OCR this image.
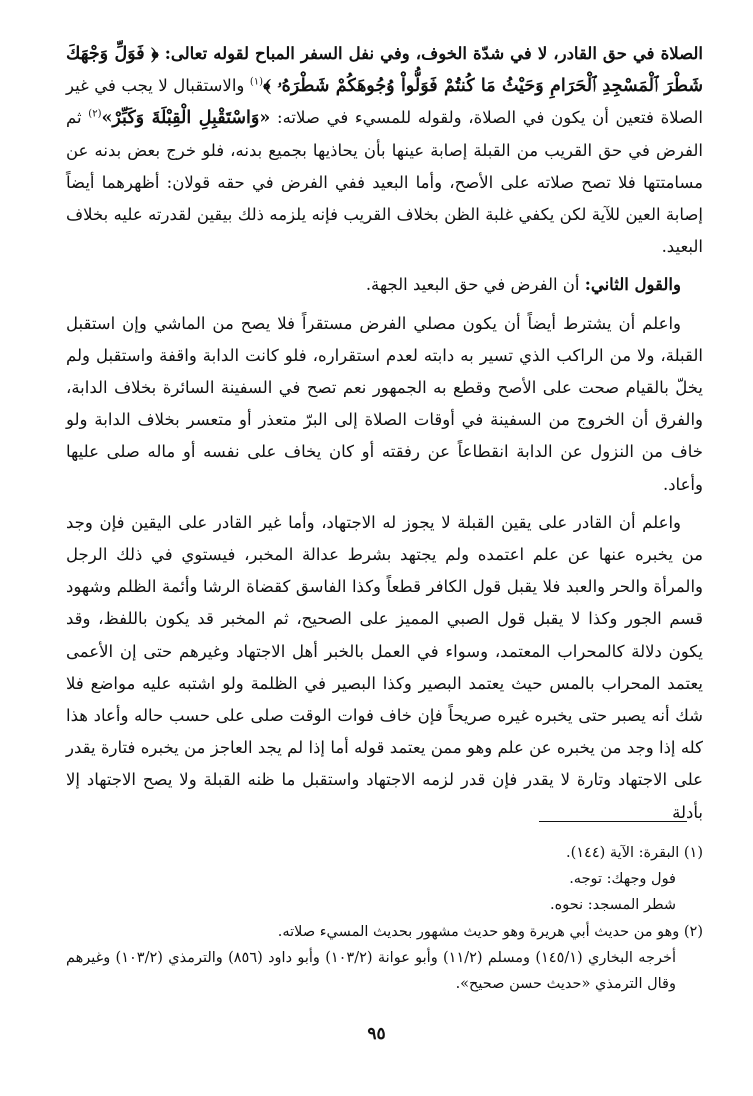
الصلاة في حق القادر، لا في شدّة الخوف، وفي نفل السفر المباح لقوله تعالى: ﴿ فَوَلِّ وَجْهَكَ شَطْرَ ٱلْمَسْجِدِ ٱلْحَرَامِ وَحَيْثُ مَا كُنتُمْ فَوَلُّواْ وُجُوهَكُمْ شَطْرَهُۥ ﴾$^{(١)}$ والاستقبال لا يجب في غير الصلاة فتعين أن يكون في الصلاة، ولقوله للمسيء في صلاته: «وَاسْتَقْبِلِ الْقِبْلَةَ وَكَبِّرْ»$^{(٢)}$ ثم الفرض في حق القريب من القبلة إصابة عينها بأن يحاذيها بجميع بدنه، فلو خرج بعض بدنه عن مسامتتها فلا تصح صلاته على الأصح، وأما البعيد ففي الفرض في حقه قولان: أظهرهما أيضاً إصابة العين للآية لكن يكفي غلبة الظن بخلاف القريب فإنه يلزمه ذلك بيقين لقدرته عليه بخلاف البعيد.

والقول الثاني: أن الفرض في حق البعيد الجهة.

واعلم أن يشترط أيضاً أن يكون مصلي الفرض مستقراً فلا يصح من الماشي وإن استقبل القبلة، ولا من الراكب الذي تسير به دابته لعدم استقراره، فلو كانت الدابة واقفة واستقبل ولم يخلّ بالقيام صحت على الأصح وقطع به الجمهور نعم تصح في السفينة السائرة بخلاف الدابة، والفرق أن الخروج من السفينة في أوقات الصلاة إلى البرّ متعذر أو متعسر بخلاف الدابة ولو خاف من النزول عن الدابة انقطاعاً عن رفقته أو كان يخاف على نفسه أو ماله صلى عليها وأعاد.

واعلم أن القادر على يقين القبلة لا يجوز له الاجتهاد، وأما غير القادر على اليقين فإن وجد من يخبره عنها عن علم اعتمده ولم يجتهد بشرط عدالة المخبر، فيستوي في ذلك الرجل والمرأة والحر والعبد فلا يقبل قول الكافر قطعاً وكذا الفاسق كقضاة الرشا وأئمة الظلم وشهود قسم الجور وكذا لا يقبل قول الصبي المميز على الصحيح، ثم المخبر قد يكون باللفظ، وقد يكون دلالة كالمحراب المعتمد، وسواء في العمل بالخبر أهل الاجتهاد وغيرهم حتى إن الأعمى يعتمد المحراب بالمس حيث يعتمد البصير وكذا البصير في الظلمة ولو اشتبه عليه مواضع فلا شك أنه يصبر حتى يخبره غيره صريحاً فإن خاف فوات الوقت صلى على حسب حاله وأعاد هذا كله إذا وجد من يخبره عن علم وهو ممن يعتمد قوله أما إذا لم يجد العاجز من يخبره فتارة يقدر على الاجتهاد وتارة لا يقدر فإن قدر لزمه الاجتهاد واستقبل ما ظنه القبلة ولا يصح الاجتهاد إلا بأدلة

(١) البقرة: الآية (١٤٤).

فول وجهك: توجه.

شطر المسجد: نحوه.

(٢) وهو من حديث أبي هريرة وهو حديث مشهور بحديث المسيء صلاته.

أخرجه البخاري (١٤٥/١) ومسلم (١١/٢) وأبو عوانة (١٠٣/٢) وأبو داود (٨٥٦) والترمذي (١٠٣/٢) وغيرهم وقال الترمذي «حديث حسن صحيح».

٩٥
